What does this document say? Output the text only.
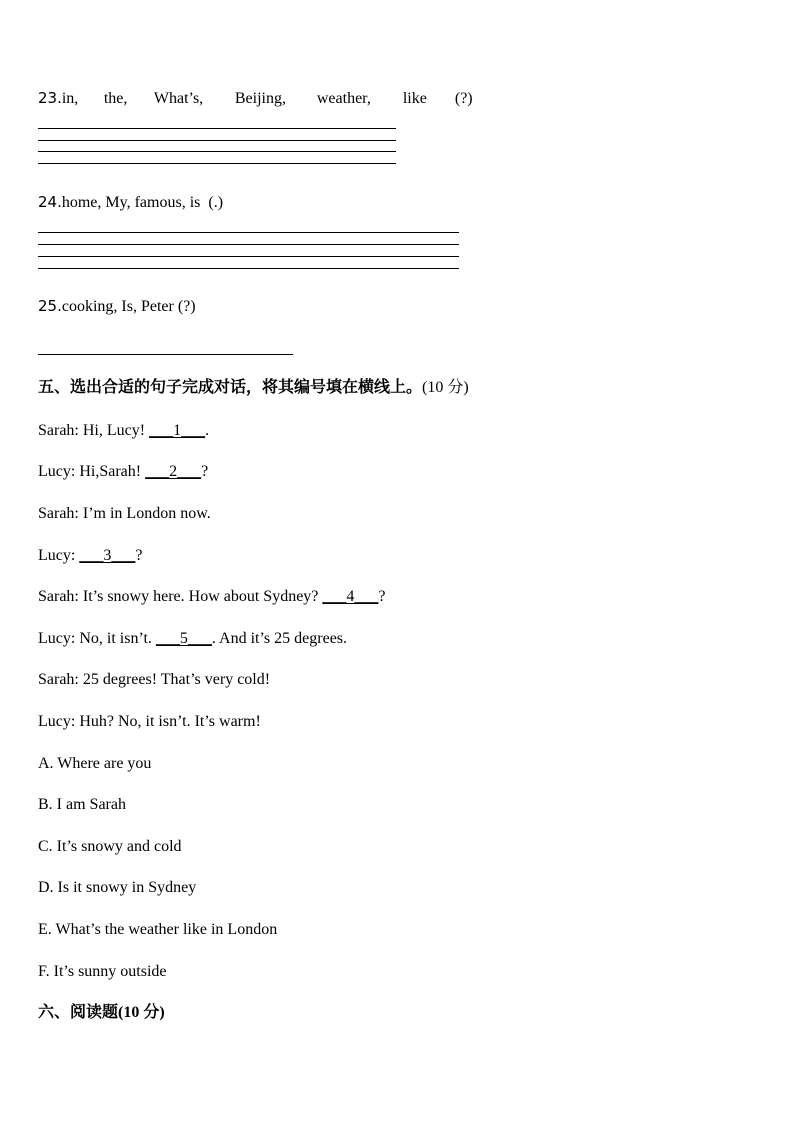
23.in, the, What’s, Beijing, weather, like (?)
24.home, My, famous, is  (.)
25.cooking, Is, Peter (?)
五、选出合适的句子完成对话，将其编号填在横线上。(10 分)
Sarah: Hi, Lucy! ___1___.
Lucy: Hi,Sarah! ___2___?
Sarah: I’m in London now.
Lucy: ___3___?
Sarah: It’s snowy here. How about Sydney? ___4___?
Lucy: No, it isn’t. ___5___. And it’s 25 degrees.
Sarah: 25 degrees! That’s very cold!
Lucy: Huh? No, it isn’t. It’s warm!
A. Where are you
B. I am Sarah
C. It’s snowy and cold
D. Is it snowy in Sydney
E. What’s the weather like in London
F. It’s sunny outside
六、阅读题(10 分)
